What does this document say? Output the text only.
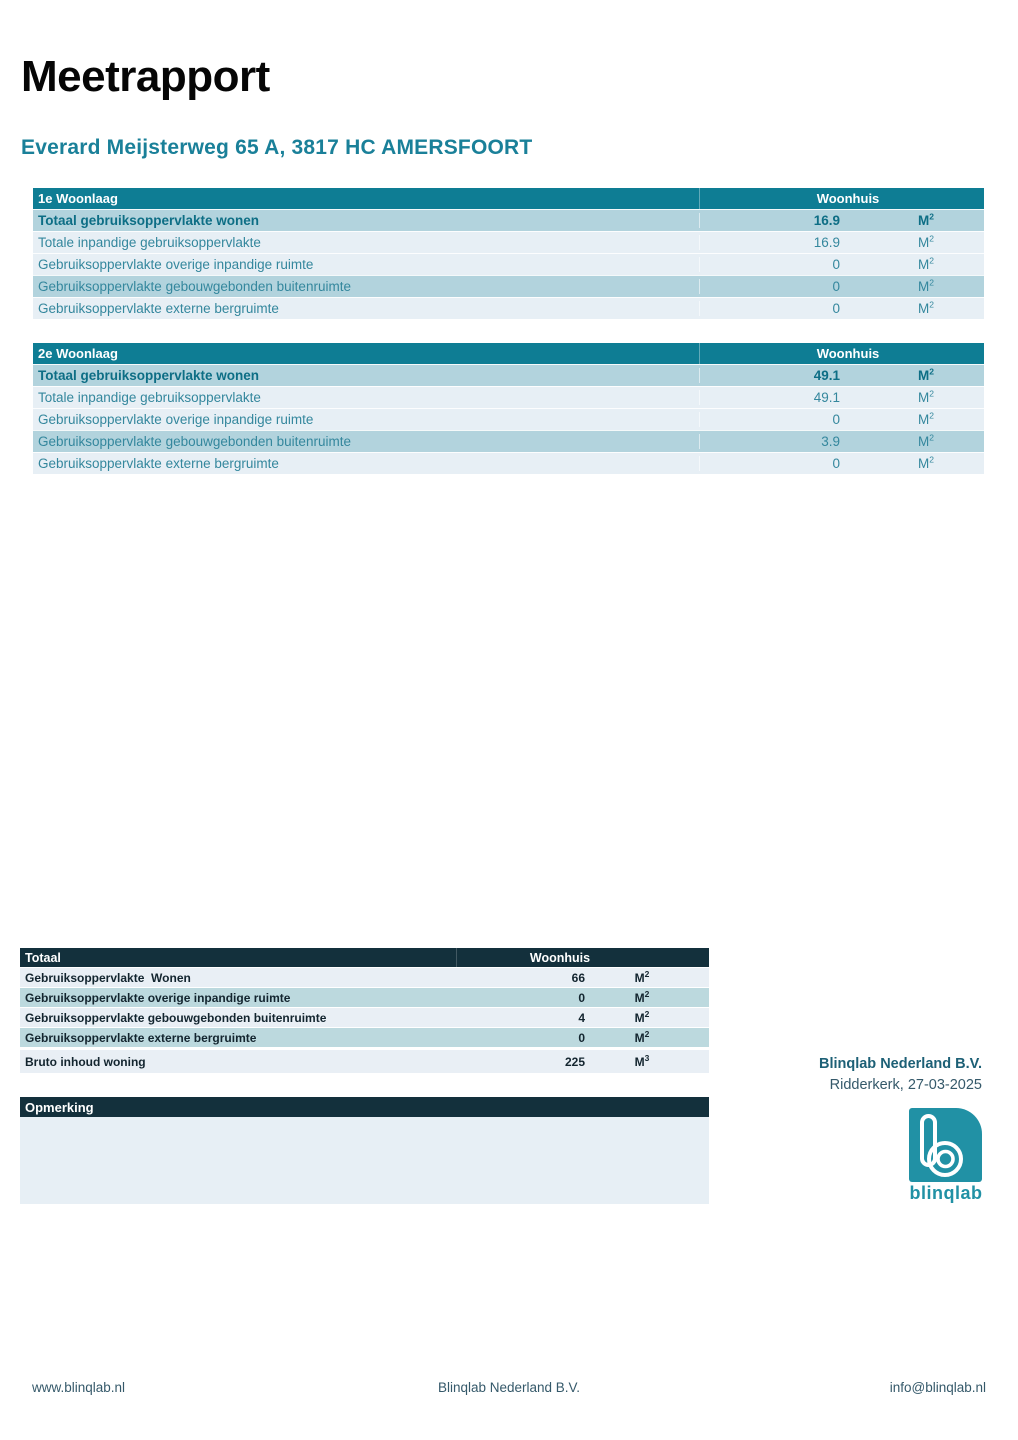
Meetrapport
Everard Meijsterweg 65 A, 3817 HC AMERSFOORT
1e Woonlaag	Woonhuis
Totaal gebruiksoppervlakte wonen	16.9	$M^2$
Totale inpandige gebruiksoppervlakte	16.9	$M^2$
Gebruiksoppervlakte overige inpandige ruimte	0	$M^2$
Gebruiksoppervlakte gebouwgebonden buitenruimte	0	$M^2$
Gebruiksoppervlakte externe bergruimte	0	$M^2$
2e Woonlaag	Woonhuis
Totaal gebruiksoppervlakte wonen	49.1	$M^2$
Totale inpandige gebruiksoppervlakte	49.1	$M^2$
Gebruiksoppervlakte overige inpandige ruimte	0	$M^2$
Gebruiksoppervlakte gebouwgebonden buitenruimte	3.9	$M^2$
Gebruiksoppervlakte externe bergruimte	0	$M^2$
Totaal	Woonhuis
Gebruiksoppervlakte  Wonen	66	$M^2$
Gebruiksoppervlakte overige inpandige ruimte	0	$M^2$
Gebruiksoppervlakte gebouwgebonden buitenruimte	4	$M^2$
Gebruiksoppervlakte externe bergruimte	0	$M^2$
Bruto inhoud woning	225	$M^3$
Opmerking
Blinqlab Nederland B.V.
Ridderkerk, 27-03-2025
blinqlab
Blinqlab Nederland B.V.
www.blinqlab.nl	info@blinqlab.nl
